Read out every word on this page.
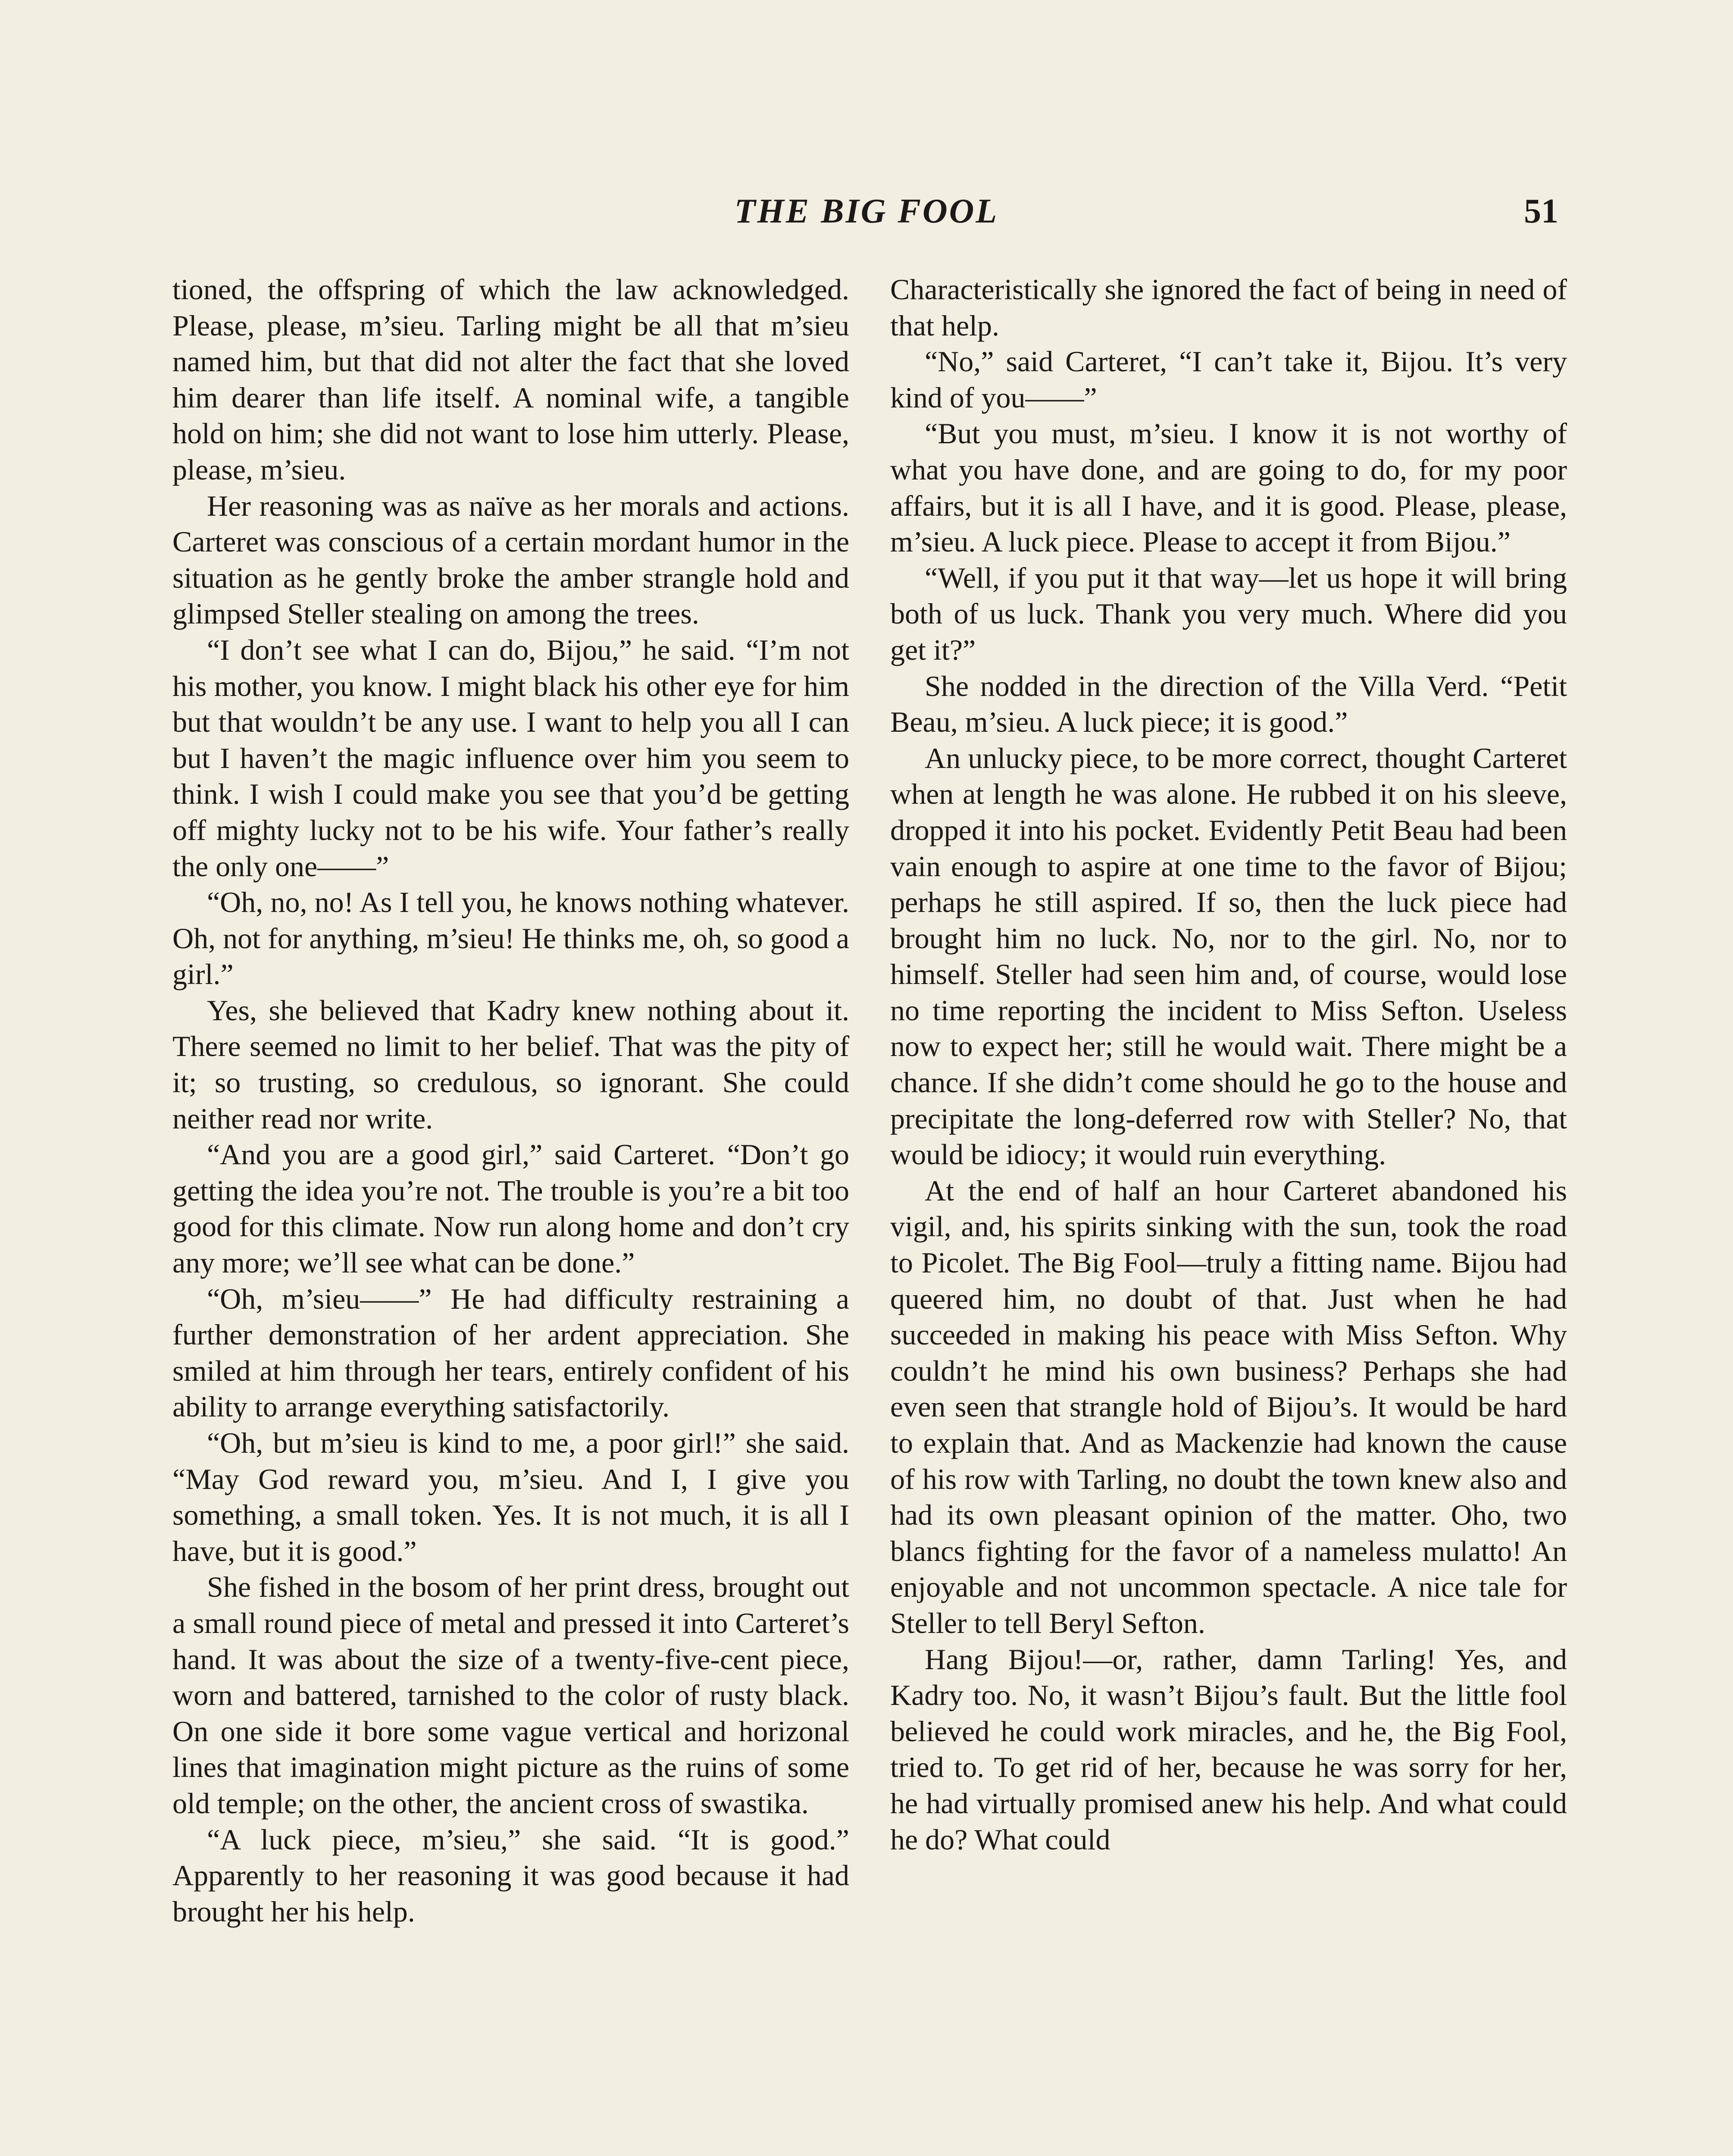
THE BIG FOOL	51

tioned, the offspring of which the law acknowledged. Please, please, m’sieu. Tarling might be all that m’sieu named him, but that did not alter the fact that she loved him dearer than life itself. A nominal wife, a tangible hold on him; she did not want to lose him utterly. Please, please, m’sieu.

Her reasoning was as naïve as her morals and actions. Carteret was conscious of a certain mordant humor in the situation as he gently broke the amber strangle hold and glimpsed Steller stealing on among the trees.

“I don’t see what I can do, Bijou,” he said. “I’m not his mother, you know. I might black his other eye for him but that wouldn’t be any use. I want to help you all I can but I haven’t the magic influence over him you seem to think. I wish I could make you see that you’d be getting off mighty lucky not to be his wife. Your father’s really the only one——”

“Oh, no, no! As I tell you, he knows nothing whatever. Oh, not for anything, m’sieu! He thinks me, oh, so good a girl.”

Yes, she believed that Kadry knew nothing about it. There seemed no limit to her belief. That was the pity of it; so trusting, so credulous, so ignorant. She could neither read nor write.

“And you are a good girl,” said Carteret. “Don’t go getting the idea you’re not. The trouble is you’re a bit too good for this climate. Now run along home and don’t cry any more; we’ll see what can be done.”

“Oh, m’sieu——” He had difficulty restraining a further demonstration of her ardent appreciation. She smiled at him through her tears, entirely confident of his ability to arrange everything satisfactorily.

“Oh, but m’sieu is kind to me, a poor girl!” she said. “May God reward you, m’sieu. And I, I give you something, a small token. Yes. It is not much, it is all I have, but it is good.”

She fished in the bosom of her print dress, brought out a small round piece of metal and pressed it into Carteret’s hand. It was about the size of a twenty-five-cent piece, worn and battered, tarnished to the color of rusty black. On one side it bore some vague vertical and horizonal lines that imagination might picture as the ruins of some old temple; on the other, the ancient cross of swastika.

“A luck piece, m’sieu,” she said. “It is good.” Apparently to her reasoning it was good because it had brought her his help.

Characteristically she ignored the fact of being in need of that help.

“No,” said Carteret, “I can’t take it, Bijou. It’s very kind of you——”

“But you must, m’sieu. I know it is not worthy of what you have done, and are going to do, for my poor affairs, but it is all I have, and it is good. Please, please, m’sieu. A luck piece. Please to accept it from Bijou.”

“Well, if you put it that way—let us hope it will bring both of us luck. Thank you very much. Where did you get it?”

She nodded in the direction of the Villa Verd. “Petit Beau, m’sieu. A luck piece; it is good.”

An unlucky piece, to be more correct, thought Carteret when at length he was alone. He rubbed it on his sleeve, dropped it into his pocket. Evidently Petit Beau had been vain enough to aspire at one time to the favor of Bijou; perhaps he still aspired. If so, then the luck piece had brought him no luck. No, nor to the girl. No, nor to himself. Steller had seen him and, of course, would lose no time reporting the incident to Miss Sefton. Useless now to expect her; still he would wait. There might be a chance. If she didn’t come should he go to the house and precipitate the long-deferred row with Steller? No, that would be idiocy; it would ruin everything.

At the end of half an hour Carteret abandoned his vigil, and, his spirits sinking with the sun, took the road to Picolet. The Big Fool—truly a fitting name. Bijou had queered him, no doubt of that. Just when he had succeeded in making his peace with Miss Sefton. Why couldn’t he mind his own business? Perhaps she had even seen that strangle hold of Bijou’s. It would be hard to explain that. And as Mackenzie had known the cause of his row with Tarling, no doubt the town knew also and had its own pleasant opinion of the matter. Oho, two blancs fighting for the favor of a nameless mulatto! An enjoyable and not uncommon spectacle. A nice tale for Steller to tell Beryl Sefton.

Hang Bijou!—or, rather, damn Tarling! Yes, and Kadry too. No, it wasn’t Bijou’s fault. But the little fool believed he could work miracles, and he, the Big Fool, tried to. To get rid of her, because he was sorry for her, he had virtually promised anew his help. And what could he do? What could
